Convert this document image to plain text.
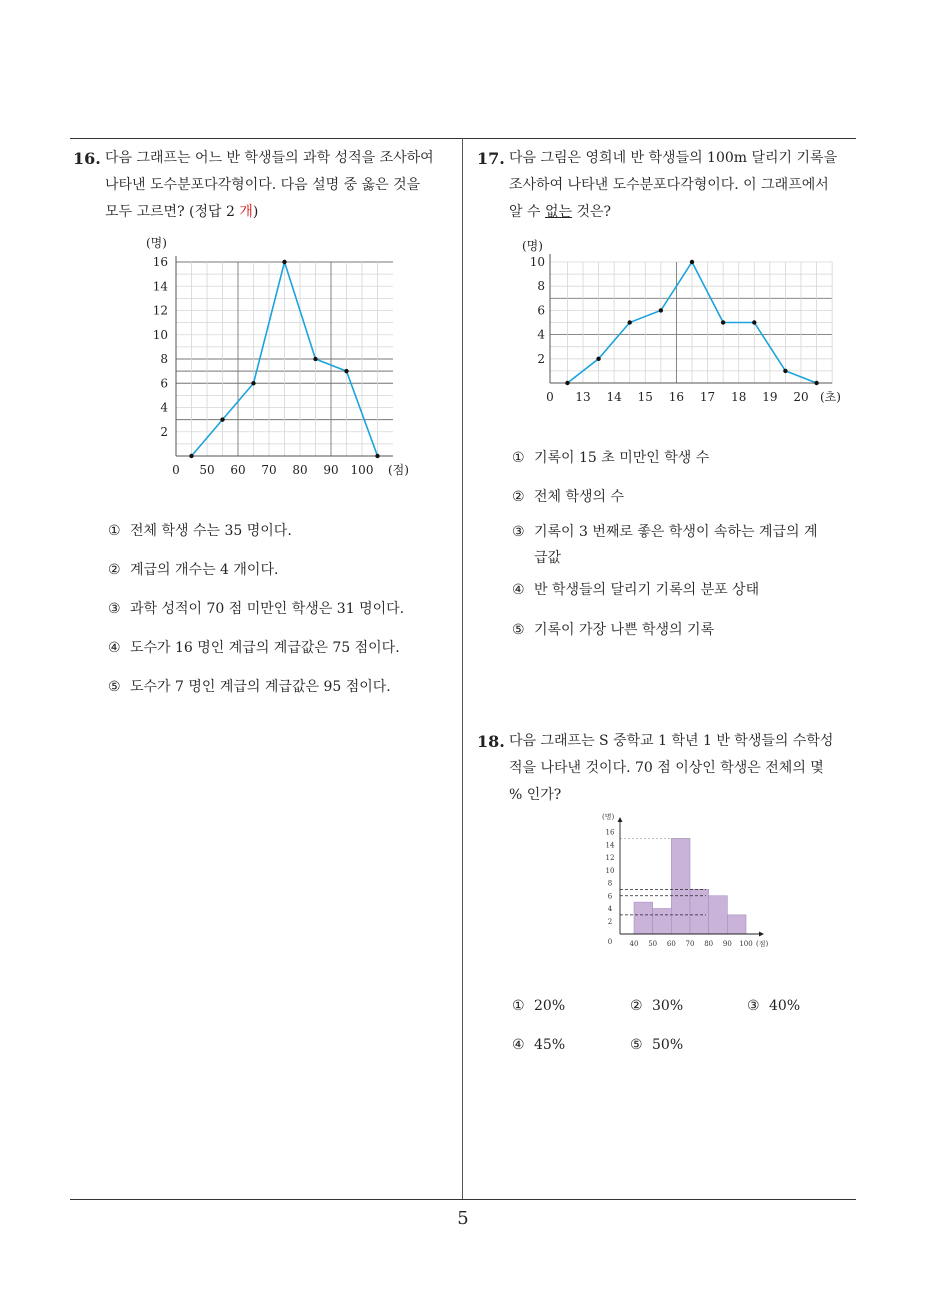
5
16. 다음 그래프는 어느 반 학생들의 과학 성적을 조사하여
나타낸 도수분포다각형이다. 다음 설명 중 옳은 것을
모두 고르면? (정답 2 개)
2
4
6
8
10
12
14
16
0 50 60 70 80 90 100
(명)
(점)
① 전체 학생 수는 35 명이다.
② 계급의 개수는 4 개이다.
③ 과학 성적이 70 점 미만인 학생은 31 명이다.
④ 도수가 16 명인 계급의 계급값은 75 점이다.
⑤ 도수가 7 명인 계급의 계급값은 95 점이다.
17. 다음 그림은 영희네 반 학생들의 100m 달리기 기록을
조사하여 나타낸 도수분포다각형이다. 이 그래프에서
알 수 없는 것은?
2
4
6
8
10
0 13 14 15 16 17 18 19 20
(명)
(초)
① 기록이 15 초 미만인 학생 수
② 전체 학생의 수
③ 기록이 3 번째로 좋은 학생이 속하는 계급의 계
급값
④ 반 학생들의 달리기 기록의 분포 상태
⑤ 기록이 가장 나쁜 학생의 기록
18. 다음 그래프는 S 중학교 1 학년 1 반 학생들의 수학성
적을 나타낸 것이다. 70 점 이상인 학생은 전체의 몇
% 인가?
2
4
6
8
10
12
14
16
0 40 50 60 70 80 90 100
(명)
(점)
① 20%	② 30%	③ 40%
④ 45%	⑤ 50%
